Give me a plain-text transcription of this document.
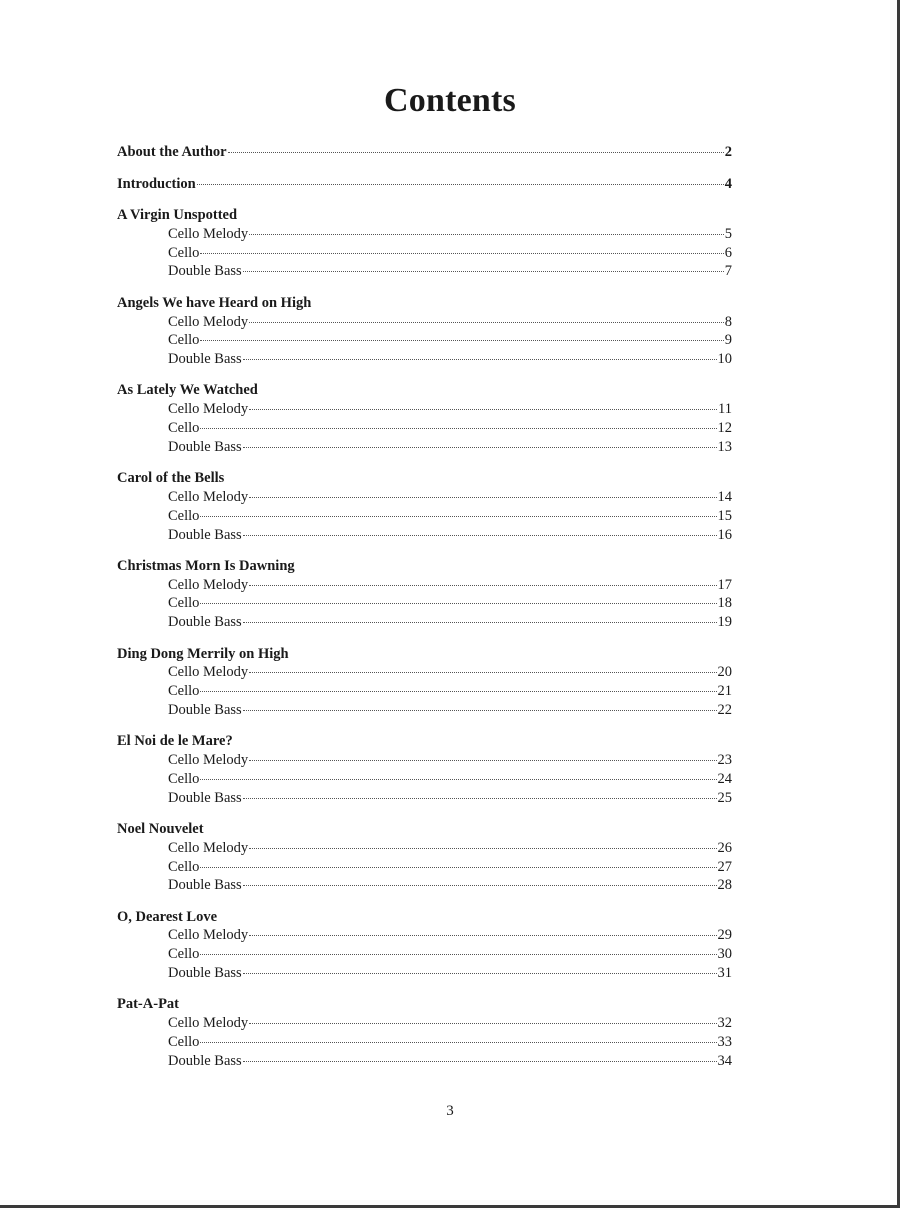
Contents
About the Author	2
Introduction	4
A Virgin Unspotted
Cello Melody	5
Cello	6
Double Bass	7
Angels We have Heard on High
Cello Melody	8
Cello	9
Double Bass	10
As Lately We Watched
Cello Melody	11
Cello	12
Double Bass	13
Carol of the Bells
Cello Melody	14
Cello	15
Double Bass	16
Christmas Morn Is Dawning
Cello Melody	17
Cello	18
Double Bass	19
Ding Dong Merrily on High
Cello Melody	20
Cello	21
Double Bass	22
El Noi de le Mare?
Cello Melody	23
Cello	24
Double Bass	25
Noel Nouvelet
Cello Melody	26
Cello	27
Double Bass	28
O, Dearest Love
Cello Melody	29
Cello	30
Double Bass	31
Pat-A-Pat
Cello Melody	32
Cello	33
Double Bass	34
3
